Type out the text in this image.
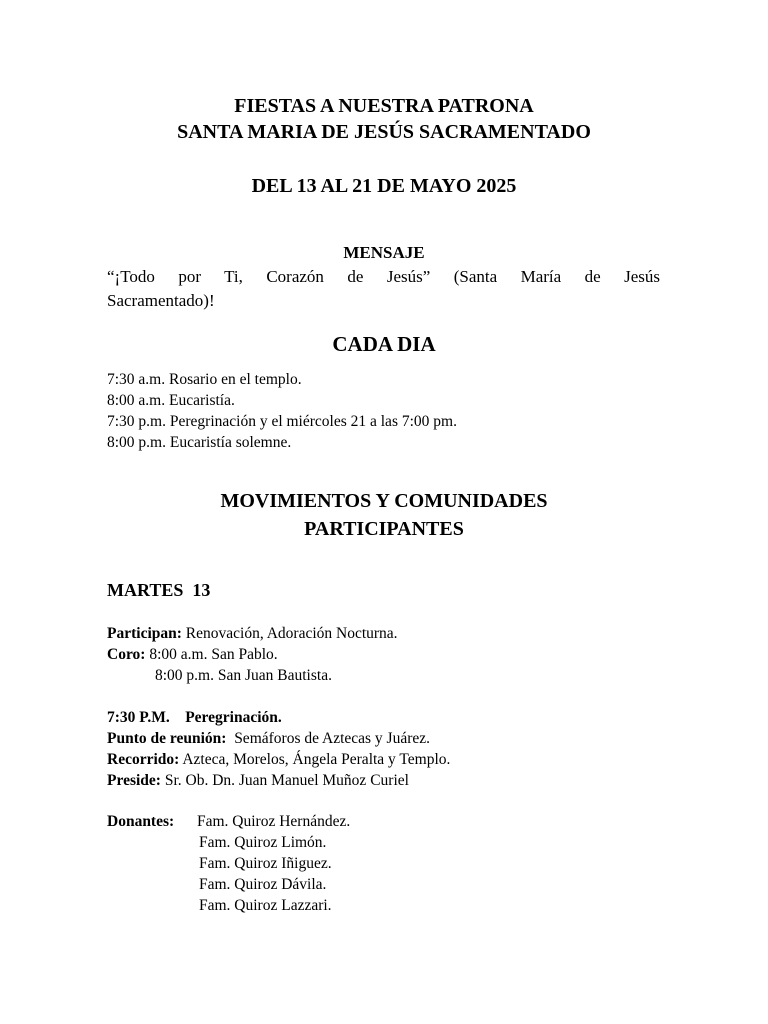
FIESTAS A NUESTRA PATRONA
SANTA MARIA DE JESÚS SACRAMENTADO
DEL 13 AL 21 DE MAYO 2025
MENSAJE
“¡Todo por Ti, Corazón de Jesús” (Santa María de Jesús
Sacramentado)!
CADA DIA
7:30 a.m. Rosario en el templo.
8:00 a.m. Eucaristía.
7:30 p.m. Peregrinación y el miércoles 21 a las 7:00 pm.
8:00 p.m. Eucaristía solemne.
MOVIMIENTOS Y COMUNIDADES
PARTICIPANTES
MARTES  13
Participan: Renovación, Adoración Nocturna.
Coro: 8:00 a.m. San Pablo.
8:00 p.m. San Juan Bautista.
7:30 P.M.    Peregrinación.
Punto de reunión:  Semáforos de Aztecas y Juárez.
Recorrido: Azteca, Morelos, Ángela Peralta y Templo.
Preside: Sr. Ob. Dn. Juan Manuel Muñoz Curiel
Donantes: Fam. Quiroz Hernández.
Fam. Quiroz Limón.
Fam. Quiroz Iñiguez.
Fam. Quiroz Dávila.
Fam. Quiroz Lazzari.
